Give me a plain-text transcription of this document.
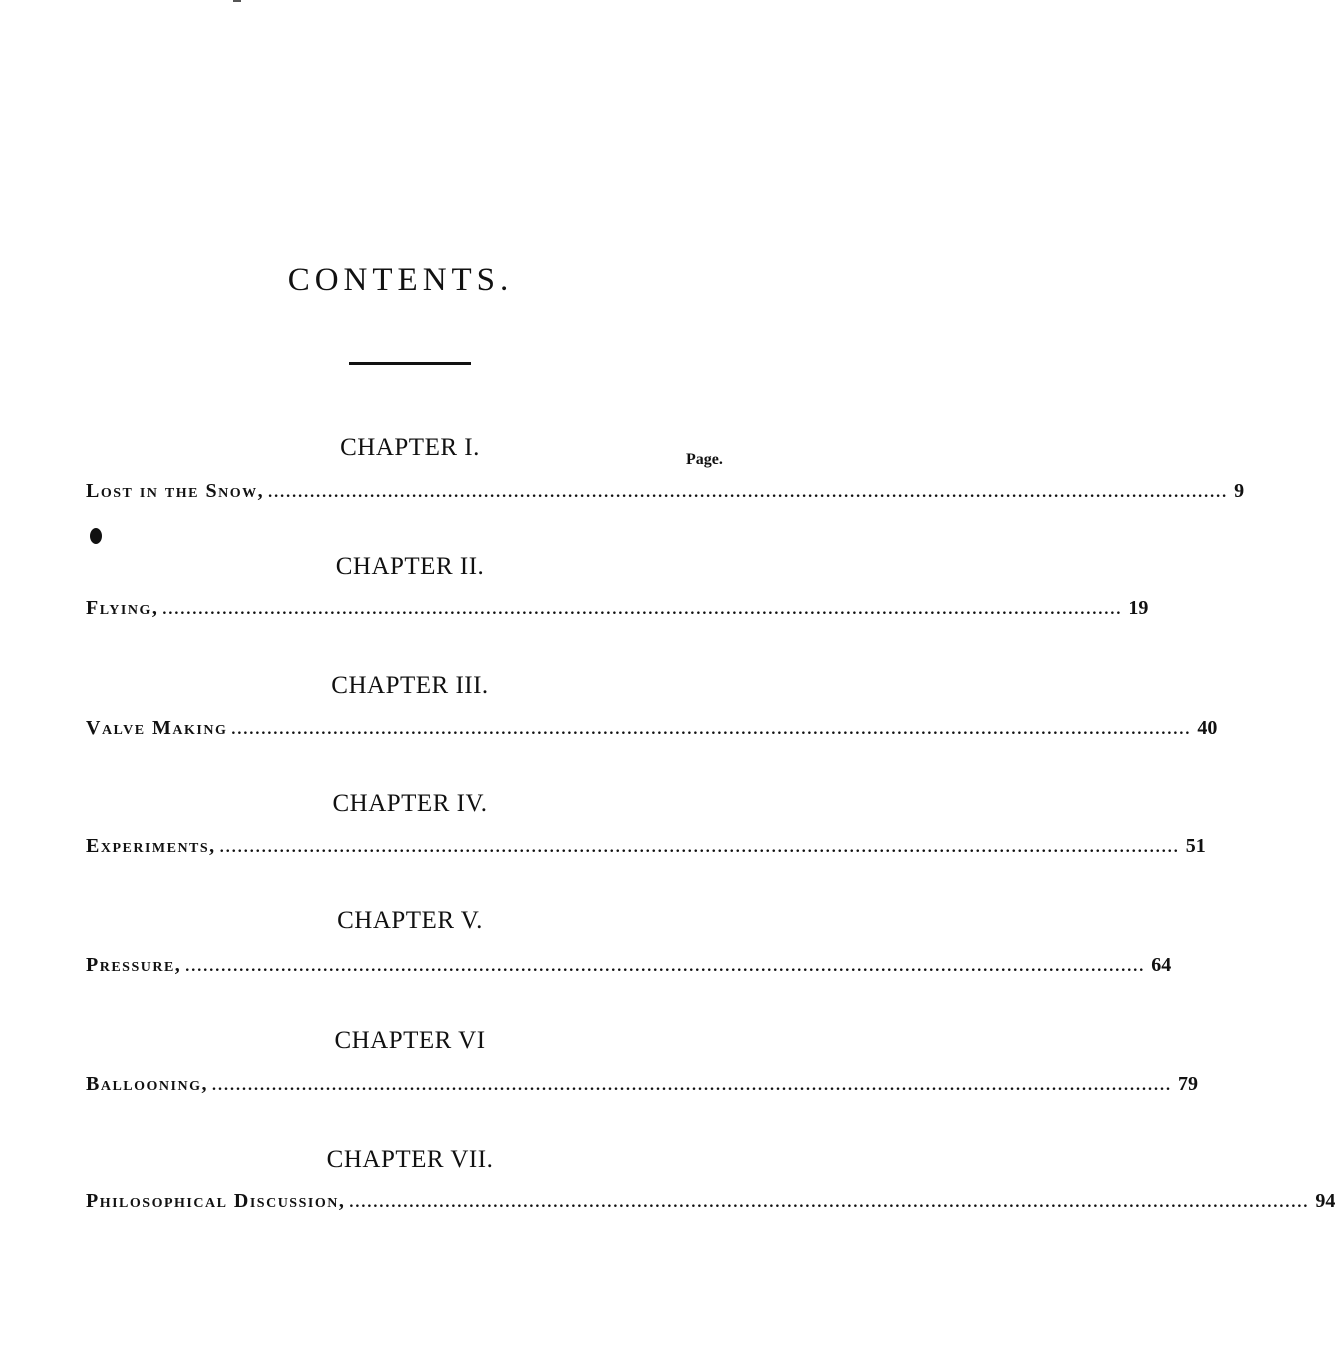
CONTENTS.
Page.
CHAPTER I.
Lost in the Snow, ................................................................................................................................................................ 9
CHAPTER II.
Flying, ................................................................................................................................................................ 19
CHAPTER III.
Valve Making ................................................................................................................................................................ 40
CHAPTER IV.
Experiments, ................................................................................................................................................................ 51
CHAPTER V.
Pressure, ................................................................................................................................................................ 64
CHAPTER VI
Ballooning, ................................................................................................................................................................ 79
CHAPTER VII.
Philosophical Discussion, ................................................................................................................................................................ 94
